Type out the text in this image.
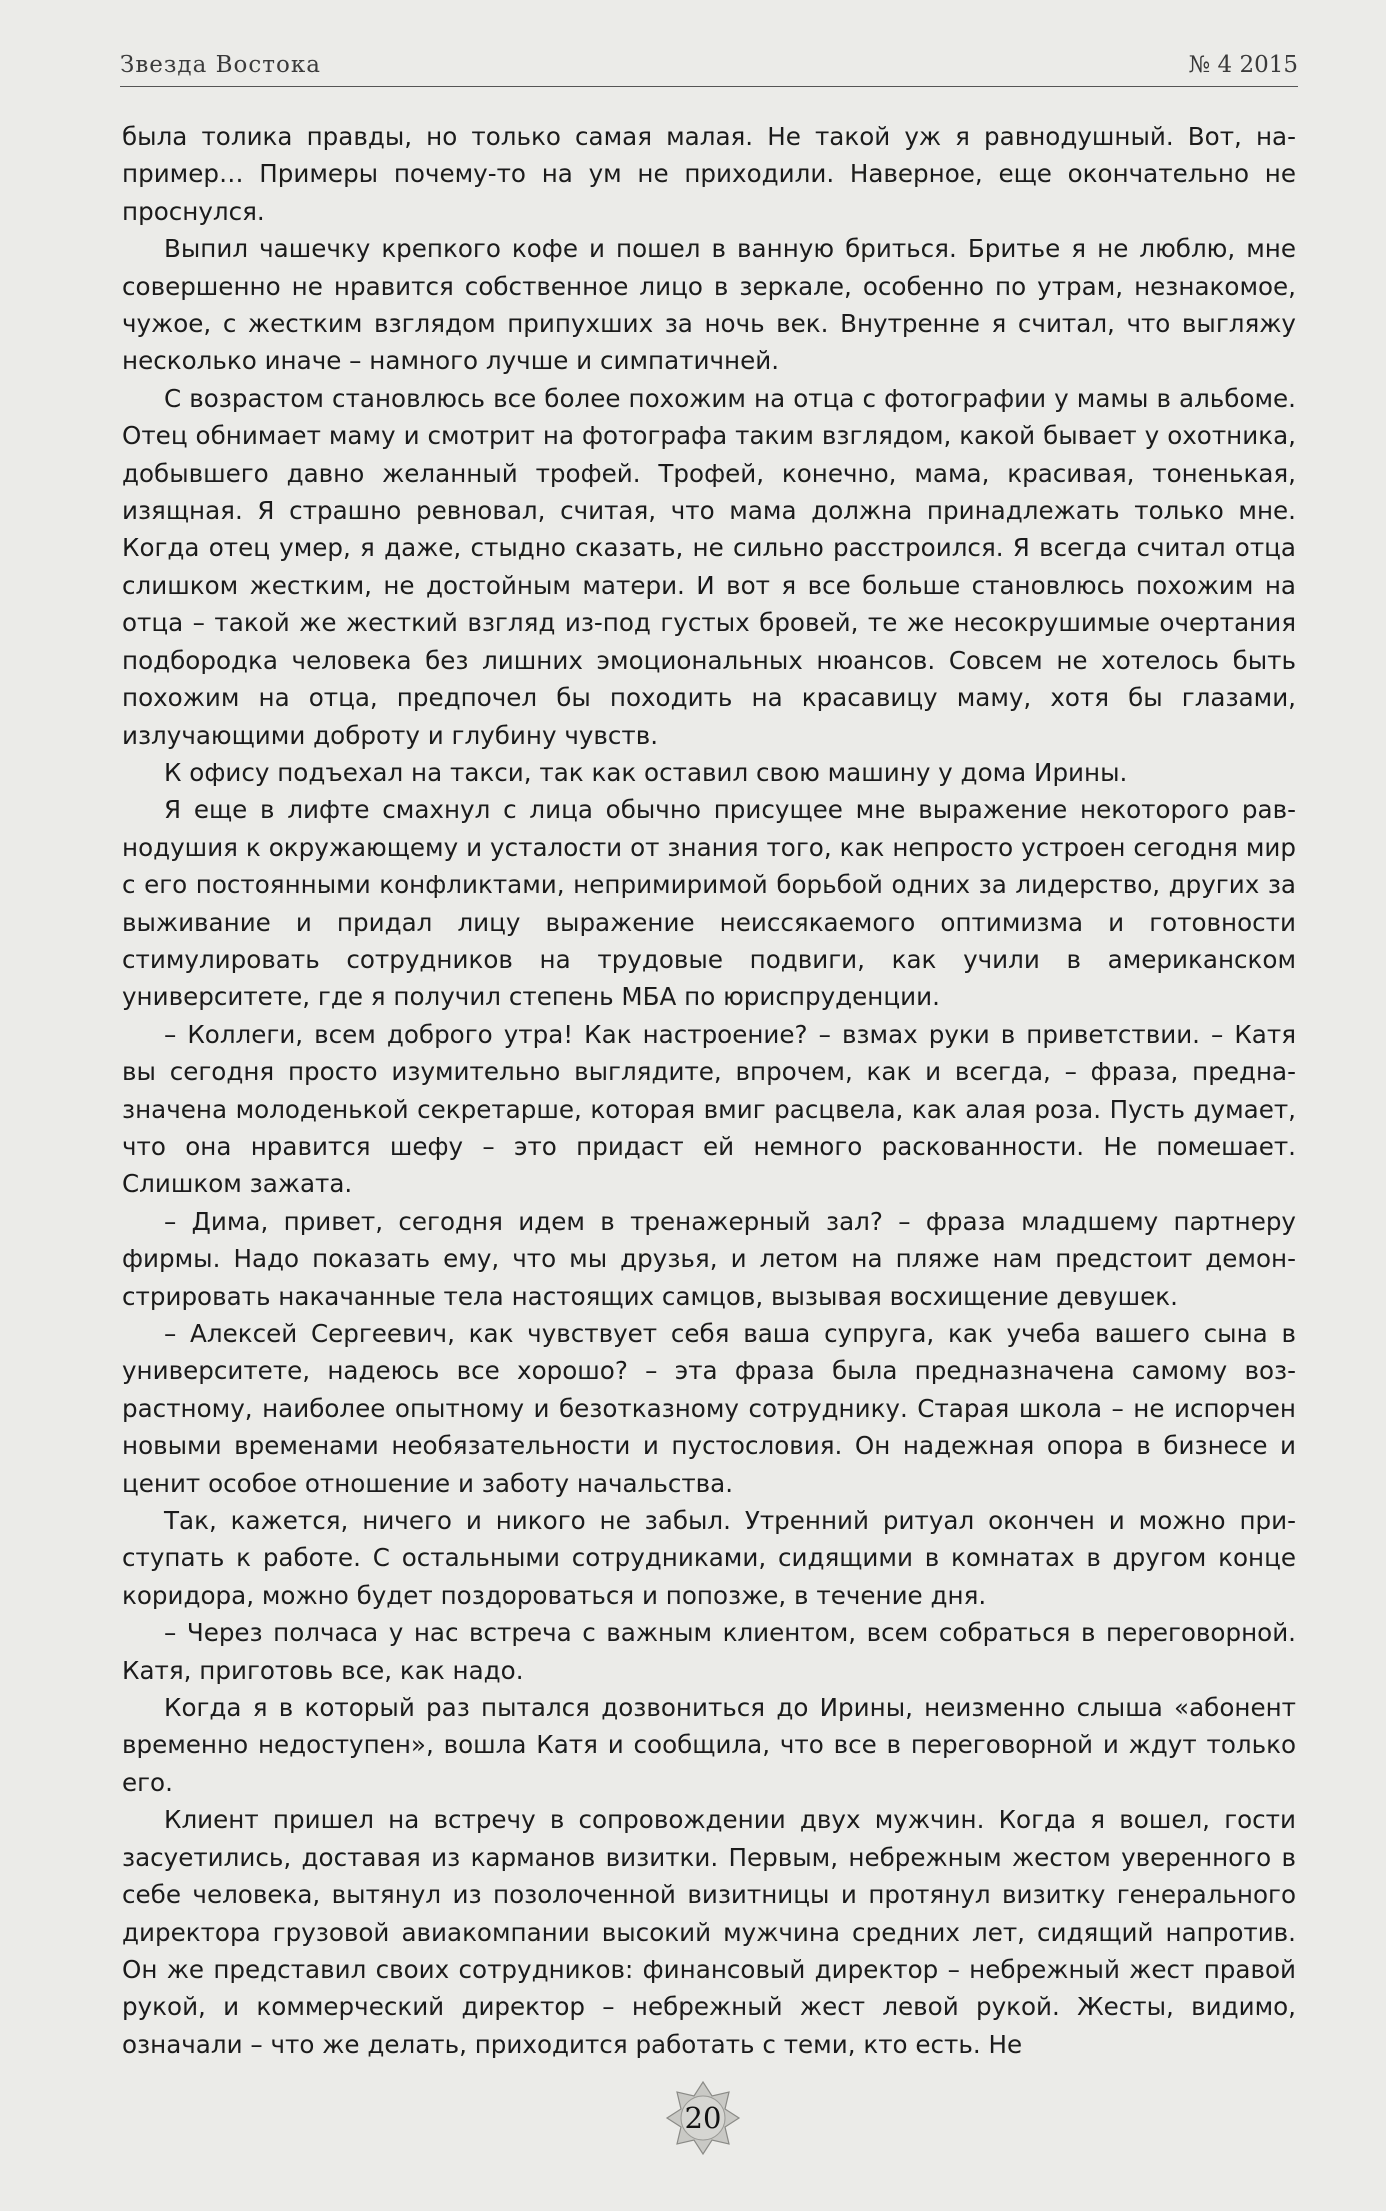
Звезда Востока	№ 4 2015

была толика правды, но только самая малая. Не такой уж я равнодушный. Вот, например… Примеры почему-то на ум не приходили. Наверное, еще окончательно не проснулся.

Выпил чашечку крепкого кофе и пошел в ванную бриться. Бритье я не люблю, мне совершенно не нравится собственное лицо в зеркале, особенно по утрам, незнакомое, чужое, с жестким взглядом припухших за ночь век. Внутренне я считал, что выгляжу несколько иначе – намного лучше и симпатичней.

С возрастом становлюсь все более похожим на отца с фотографии у мамы в альбоме. Отец обнимает маму и смотрит на фотографа таким взглядом, какой бывает у охотника, добывшего давно желанный трофей. Трофей, конечно, мама, красивая, тоненькая, изящная. Я страшно ревновал, считая, что мама должна принадлежать только мне. Когда отец умер, я даже, стыдно сказать, не сильно расстроился. Я всегда считал отца слишком жестким, не достойным матери. И вот я все больше становлюсь похожим на отца – такой же жесткий взгляд из-под густых бровей, те же несокрушимые очертания подбородка человека без лишних эмоциональных нюансов. Совсем не хотелось быть похожим на отца, предпочел бы походить на красавицу маму, хотя бы глазами, излучающими доброту и глубину чувств.

К офису подъехал на такси, так как оставил свою машину у дома Ирины.

Я еще в лифте смахнул с лица обычно присущее мне выражение некоторого равнодушия к окружающему и усталости от знания того, как непросто устроен сегодня мир с его постоянными конфликтами, непримиримой борьбой одних за лидерство, других за выживание и придал лицу выражение неиссякаемого оптимизма и готовности стимулировать сотрудников на трудовые подвиги, как учили в американском университете, где я получил степень МБА по юриспруденции.

– Коллеги, всем доброго утра! Как настроение? – взмах руки в приветствии. – Катя вы сегодня просто изумительно выглядите, впрочем, как и всегда, – фраза, предназначена молоденькой секретарше, которая вмиг расцвела, как алая роза. Пусть думает, что она нравится шефу – это придаст ей немного раскованности. Не помешает. Слишком зажата.

– Дима, привет, сегодня идем в тренажерный зал? – фраза младшему партнеру фирмы. Надо показать ему, что мы друзья, и летом на пляже нам предстоит демонстрировать накачанные тела настоящих самцов, вызывая восхищение девушек.

– Алексей Сергеевич, как чувствует себя ваша супруга, как учеба вашего сына в университете, надеюсь все хорошо? – эта фраза была предназначена самому возрастному, наиболее опытному и безотказному сотруднику. Старая школа – не испорчен новыми временами необязательности и пустословия. Он надежная опора в бизнесе и ценит особое отношение и заботу начальства.

Так, кажется, ничего и никого не забыл. Утренний ритуал окончен и можно приступать к работе. С остальными сотрудниками, сидящими в комнатах в другом конце коридора, можно будет поздороваться и попозже, в течение дня.

– Через полчаса у нас встреча с важным клиентом, всем собраться в переговорной. Катя, приготовь все, как надо.

Когда я в который раз пытался дозвониться до Ирины, неизменно слыша «абонент временно недоступен», вошла Катя и сообщила, что все в переговорной и ждут только его.

Клиент пришел на встречу в сопровождении двух мужчин. Когда я вошел, гости засуетились, доставая из карманов визитки. Первым, небрежным жестом уверенного в себе человека, вытянул из позолоченной визитницы и протянул визитку генерального директора грузовой авиакомпании высокий мужчина средних лет, сидящий напротив. Он же представил своих сотрудников: финансовый директор – небрежный жест правой рукой, и коммерческий директор – небрежный жест левой рукой. Жесты, видимо, означали – что же делать, приходится работать с теми, кто есть. Не

20
